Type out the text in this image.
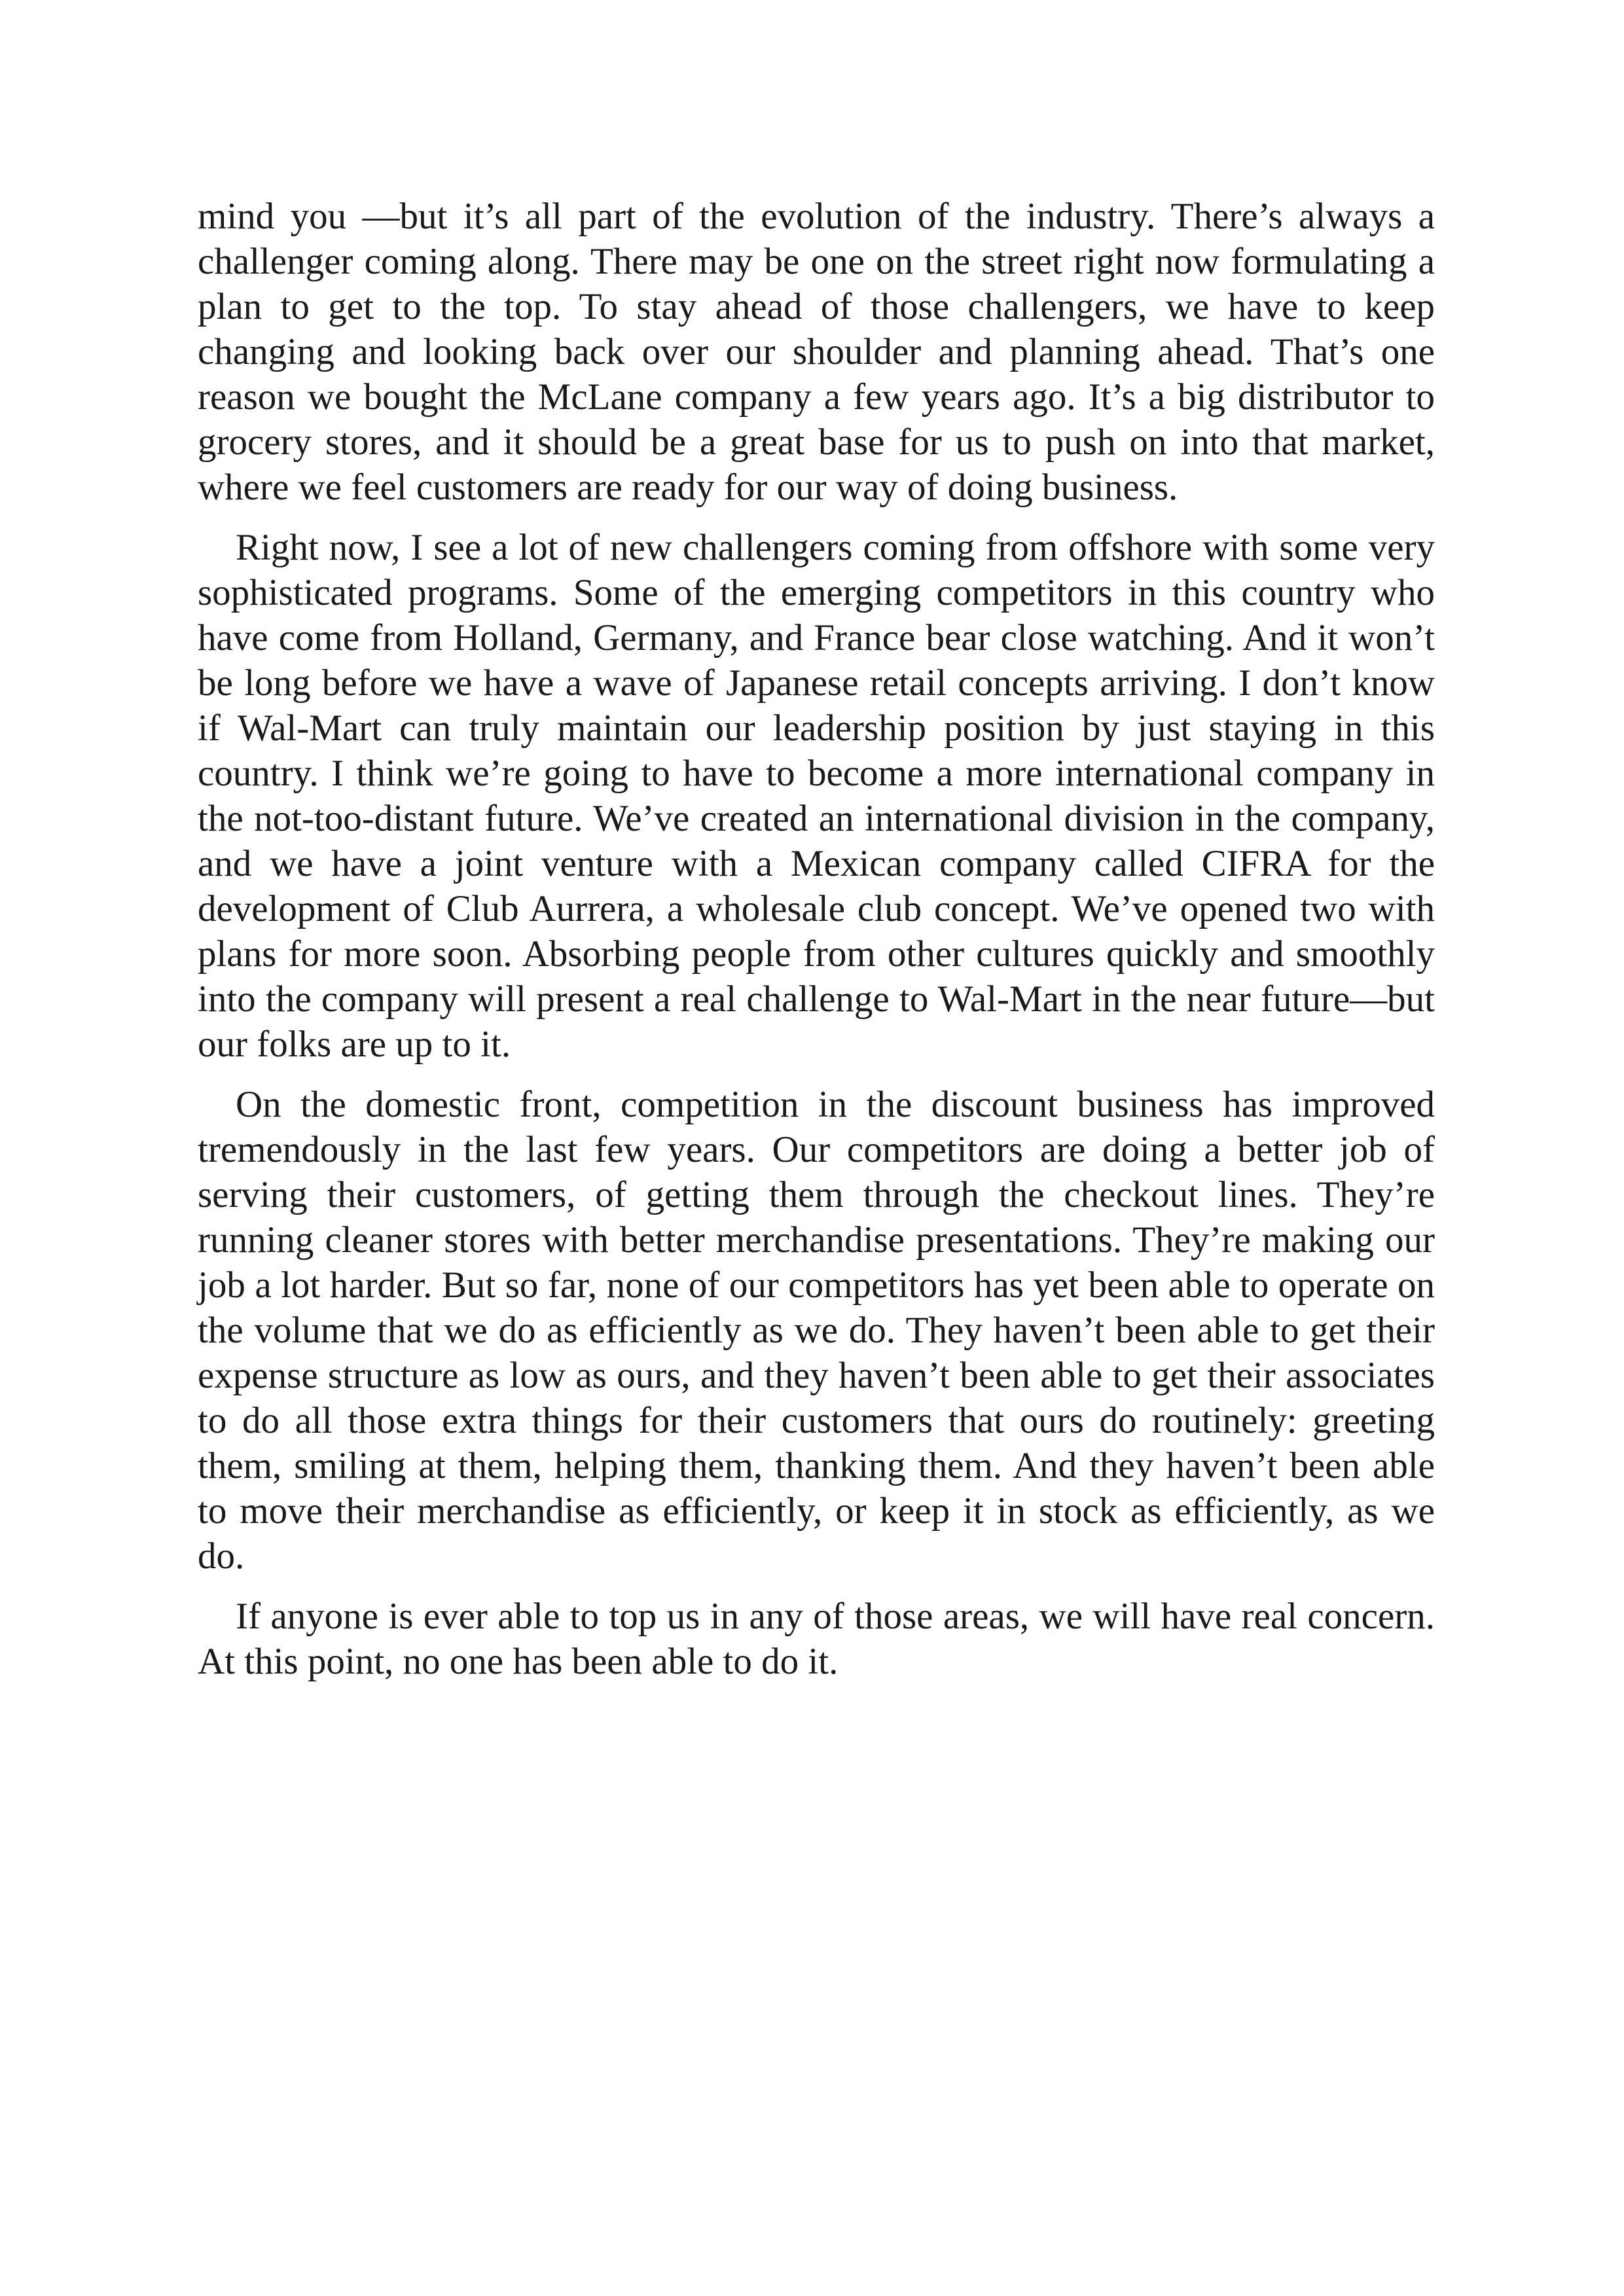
mind you —but it’s all part of the evolution of the industry. There’s always a challenger coming along. There may be one on the street right now formulating a plan to get to the top. To stay ahead of those challengers, we have to keep changing and looking back over our shoulder and planning ahead. That’s one reason we bought the McLane company a few years ago. It’s a big distributor to grocery stores, and it should be a great base for us to push on into that market, where we feel customers are ready for our way of doing business.

Right now, I see a lot of new challengers coming from offshore with some very sophisticated programs. Some of the emerging competitors in this country who have come from Holland, Germany, and France bear close watching. And it won’t be long before we have a wave of Japanese retail concepts arriving. I don’t know if Wal-Mart can truly maintain our leadership position by just staying in this country. I think we’re going to have to become a more international company in the not-too-distant future. We’ve created an international division in the company, and we have a joint venture with a Mexican company called CIFRA for the development of Club Aurrera, a wholesale club concept. We’ve opened two with plans for more soon. Absorbing people from other cultures quickly and smoothly into the company will present a real challenge to Wal-Mart in the near future—but our folks are up to it.

On the domestic front, competition in the discount business has improved tremendously in the last few years. Our competitors are doing a better job of serving their customers, of getting them through the checkout lines. They’re running cleaner stores with better merchandise presentations. They’re making our job a lot harder. But so far, none of our competitors has yet been able to operate on the volume that we do as efficiently as we do. They haven’t been able to get their expense structure as low as ours, and they haven’t been able to get their associates to do all those extra things for their customers that ours do routinely: greeting them, smiling at them, helping them, thanking them. And they haven’t been able to move their merchandise as efficiently, or keep it in stock as efficiently, as we do.

If anyone is ever able to top us in any of those areas, we will have real concern. At this point, no one has been able to do it.
